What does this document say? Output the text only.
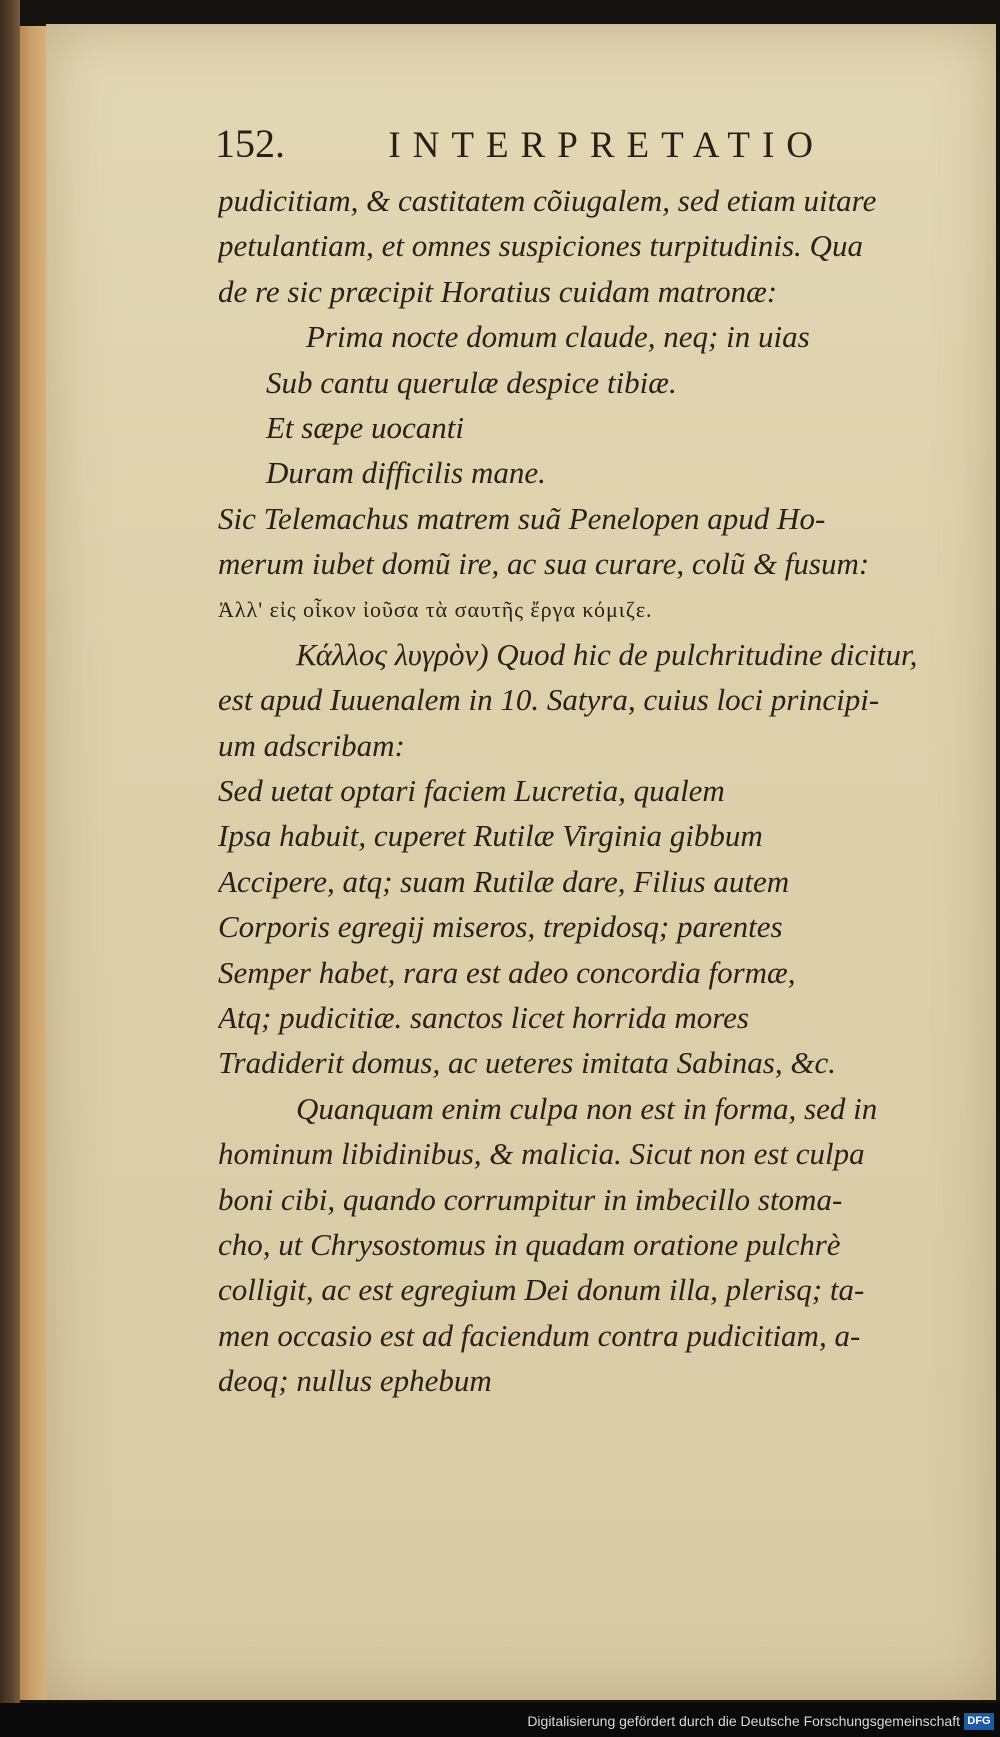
152.	INTERPRETATIO
pudicitiam, & castitatem cõiugalem, sed etiam uitare
petulantiam, et omnes suspiciones turpitudinis. Qua
de re sic præcipit Horatius cuidam matronæ:
Prima nocte domum claude, neq; in uias
Sub cantu querulæ despice tibiæ.
Et sæpe uocanti
Duram difficilis mane.
Sic Telemachus matrem suã Penelopen apud Ho-
merum iubet domũ ire, ac sua curare, colũ & fusum:
Ἀλλ' εἰς οἶκον ἰοῦσα τὰ σαυτῆς ἔργα κόμιζε.
Κάλλος λυγρὸν) Quod hic de pulchritudine dicitur,
est apud Iuuenalem in 10. Satyra, cuius loci principi-
um adscribam:
Sed uetat optari faciem Lucretia, qualem
Ipsa habuit, cuperet Rutilæ Virginia gibbum
Accipere, atq; suam Rutilæ dare, Filius autem
Corporis egregij miseros, trepidosq; parentes
Semper habet, rara est adeo concordia formæ,
Atq; pudicitiæ. sanctos licet horrida mores
Tradiderit domus, ac ueteres imitata Sabinas, &c.
Quanquam enim culpa non est in forma, sed in
hominum libidinibus, & malicia. Sicut non est culpa
boni cibi, quando corrumpitur in imbecillo stoma-
cho, ut Chrysostomus in quadam oratione pulchrè
colligit, ac est egregium Dei donum illa, plerisq; ta-
men occasio est ad faciendum contra pudicitiam, a-
deoq; nullus ephebum
Digitalisierung gefördert durch die Deutsche Forschungsgemeinschaft DFG
